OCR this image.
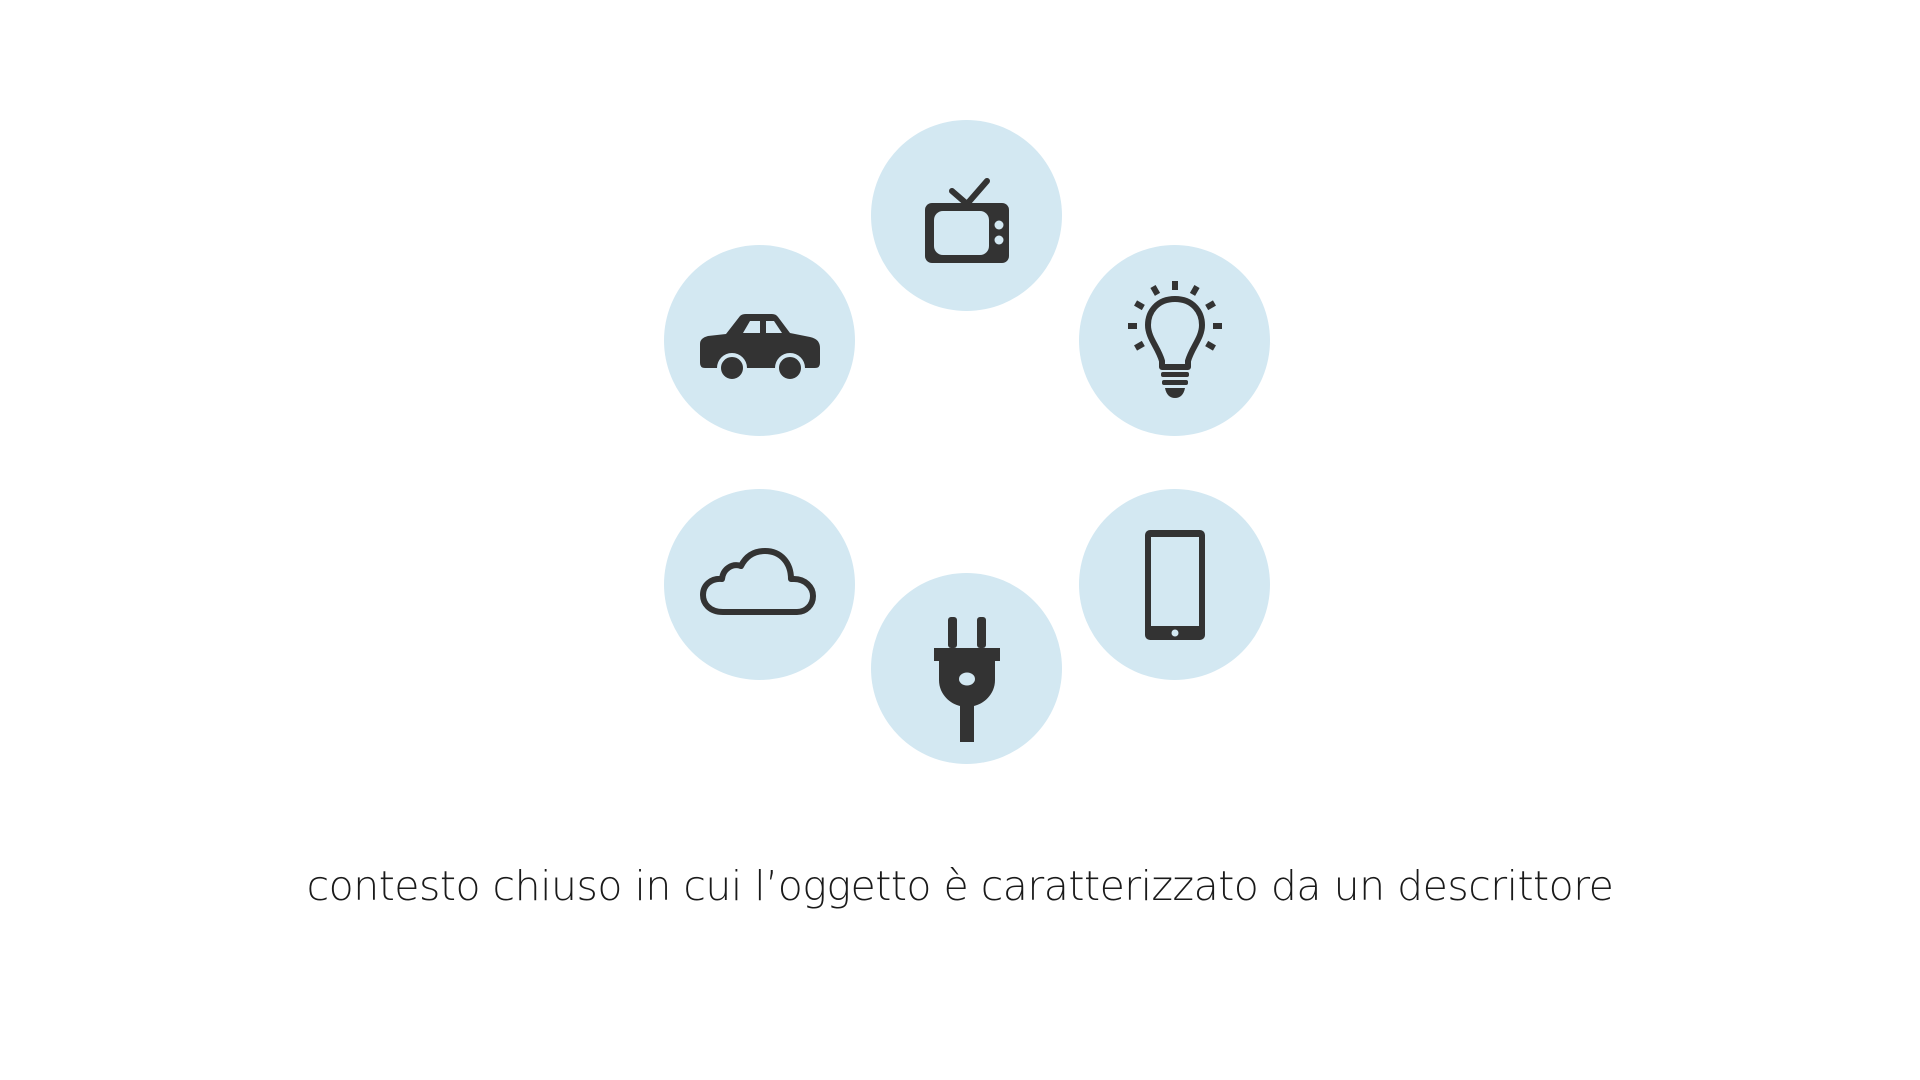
contesto chiuso in cui l’oggetto è caratterizzato da un descrittore
